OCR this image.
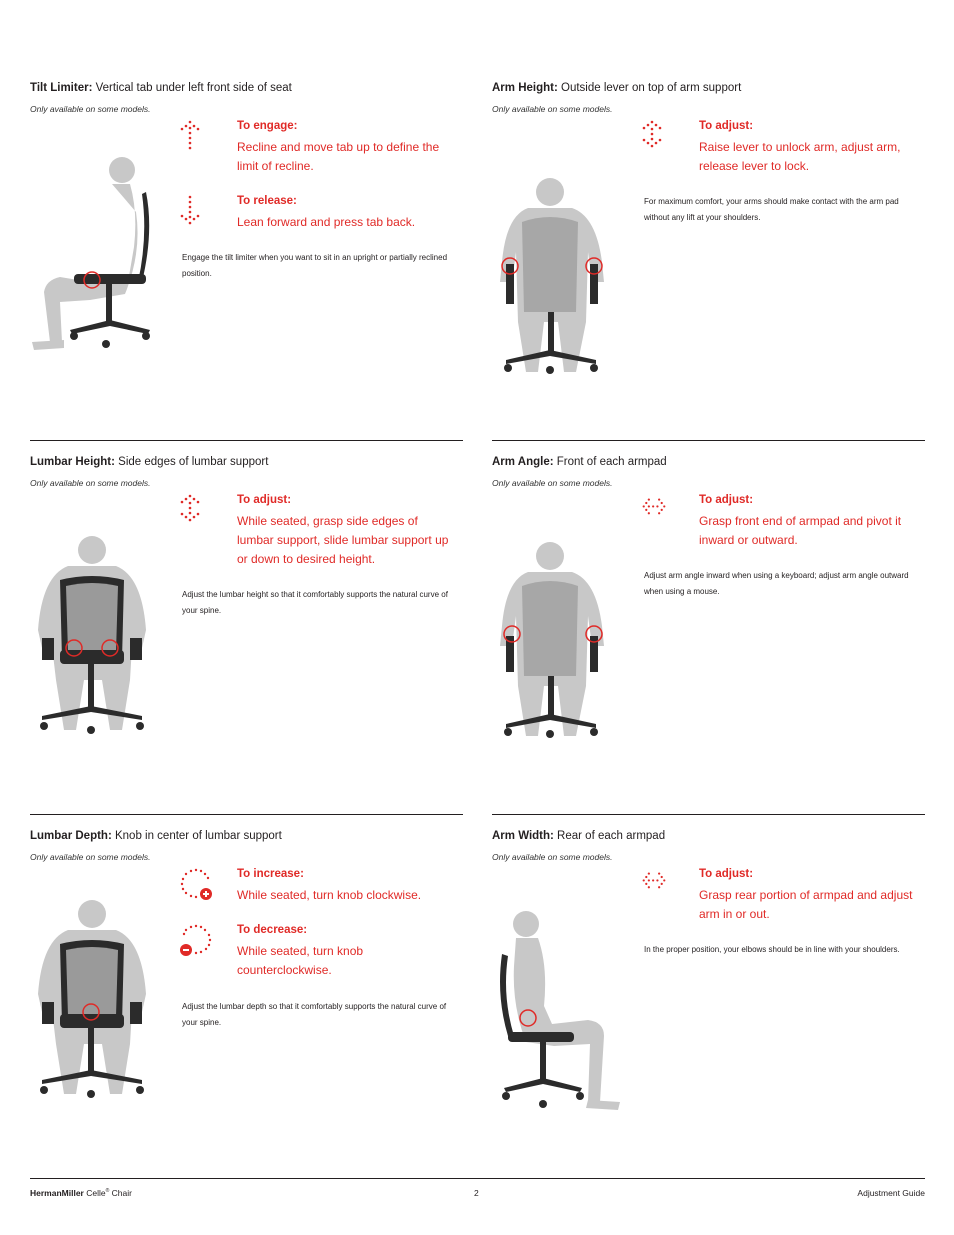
Tilt Limiter: Vertical tab under left front side of seat
Only available on some models.
To engage:
Recline and move tab up to define the limit of recline.
To release:
Lean forward and press tab back.
Engage the tilt limiter when you want to sit in an upright or partially reclined position.
Arm Height: Outside lever on top of arm support
Only available on some models.
To adjust:
Raise lever to unlock arm, adjust arm, release lever to lock.
For maximum comfort, your arms should make contact with the arm pad without any lift at your shoulders.
Lumbar Height: Side edges of lumbar support
Only available on some models.
To adjust:
While seated, grasp side edges of lumbar support, slide lumbar support up or down to desired height.
Adjust the lumbar height so that it comfortably supports the natural curve of your spine.
Arm Angle: Front of each armpad
Only available on some models.
To adjust:
Grasp front end of armpad and pivot it inward or outward.
Adjust arm angle inward when using a keyboard; adjust arm angle outward when using a mouse.
Lumbar Depth: Knob in center of lumbar support
Only available on some models.
To increase:
While seated, turn knob clockwise.
To decrease:
While seated, turn knob counterclockwise.
Adjust the lumbar depth so that it comfortably supports the natural curve of your spine.
Arm Width: Rear of each armpad
Only available on some models.
To adjust:
Grasp rear portion of armpad and adjust arm in or out.
In the proper position, your elbows should be in line with your shoulders.
HermanMiller Celle® Chair	2	Adjustment Guide
